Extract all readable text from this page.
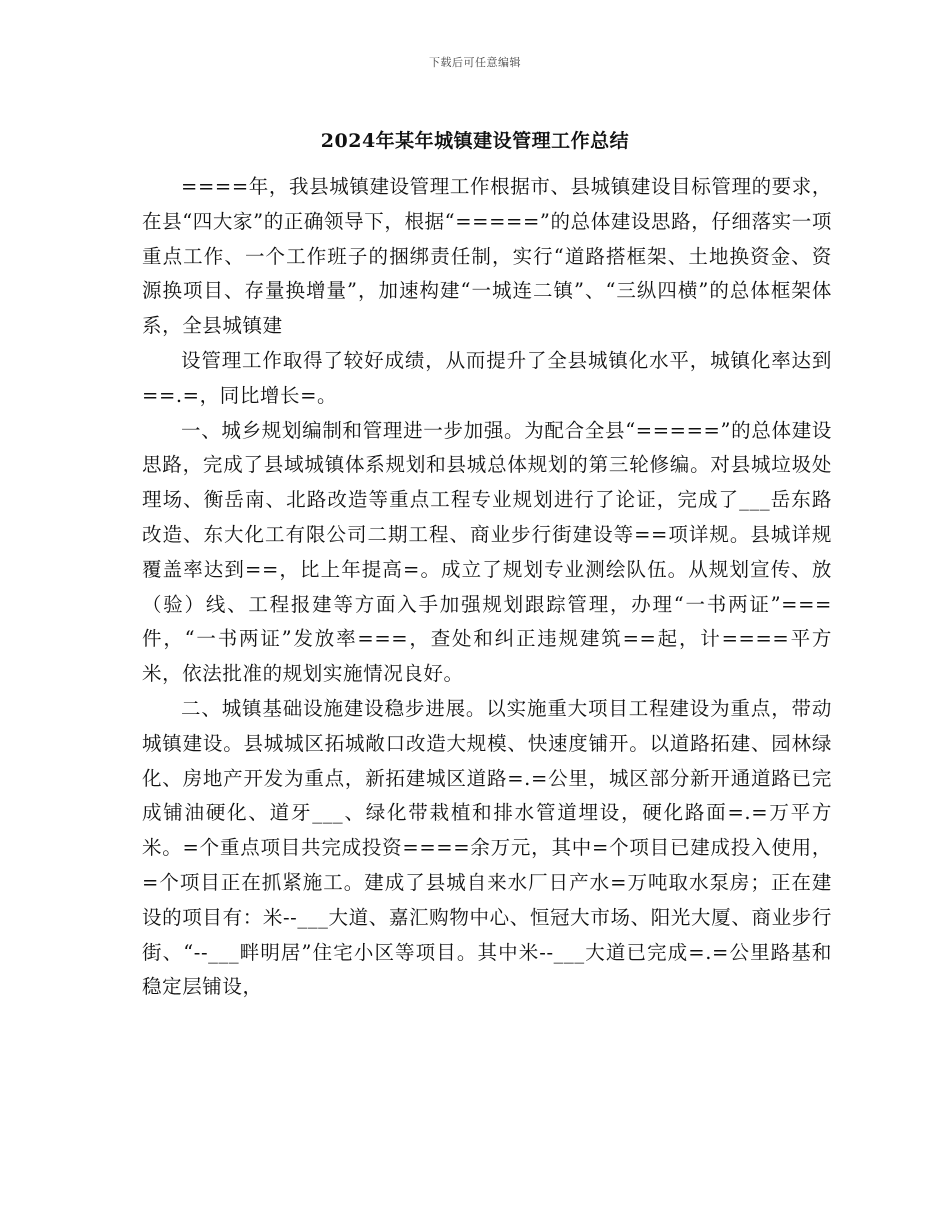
下载后可任意编辑
2024年某年城镇建设管理工作总结

====年，我县城镇建设管理工作根据市、县城镇建设目标管理的要求，在县“四大家”的正确领导下，根据“=====”的总体建设思路，仔细落实一项重点工作、一个工作班子的捆绑责任制，实行“道路搭框架、土地换资金、资源换项目、存量换增量”，加速构建“一城连二镇”、“三纵四横”的总体框架体系，全县城镇建

设管理工作取得了较好成绩，从而提升了全县城镇化水平，城镇化率达到==.=，同比增长=。

一、城乡规划编制和管理进一步加强。为配合全县“=====”的总体建设思路，完成了县域城镇体系规划和县城总体规划的第三轮修编。对县城垃圾处理场、衡岳南、北路改造等重点工程专业规划进行了论证，完成了___岳东路改造、东大化工有限公司二期工程、商业步行街建设等==项详规。县城详规覆盖率达到==，比上年提高=。成立了规划专业测绘队伍。从规划宣传、放（验）线、工程报建等方面入手加强规划跟踪管理，办理“一书两证”===件，“一书两证”发放率===，查处和纠正违规建筑==起，计====平方米，依法批准的规划实施情况良好。

二、城镇基础设施建设稳步进展。以实施重大项目工程建设为重点，带动城镇建设。县城城区拓城敞口改造大规模、快速度铺开。以道路拓建、园林绿化、房地产开发为重点，新拓建城区道路=.=公里，城区部分新开通道路已完成铺油硬化、道牙___、绿化带栽植和排水管道埋设，硬化路面=.=万平方米。=个重点项目共完成投资====余万元，其中=个项目已建成投入使用，=个项目正在抓紧施工。建成了县城自来水厂日产水=万吨取水泵房；正在建设的项目有：米--___大道、嘉汇购物中心、恒冠大市场、阳光大厦、商业步行街、“--___畔明居”住宅小区等项目。其中米--___大道已完成=.=公里路基和稳定层铺设，
